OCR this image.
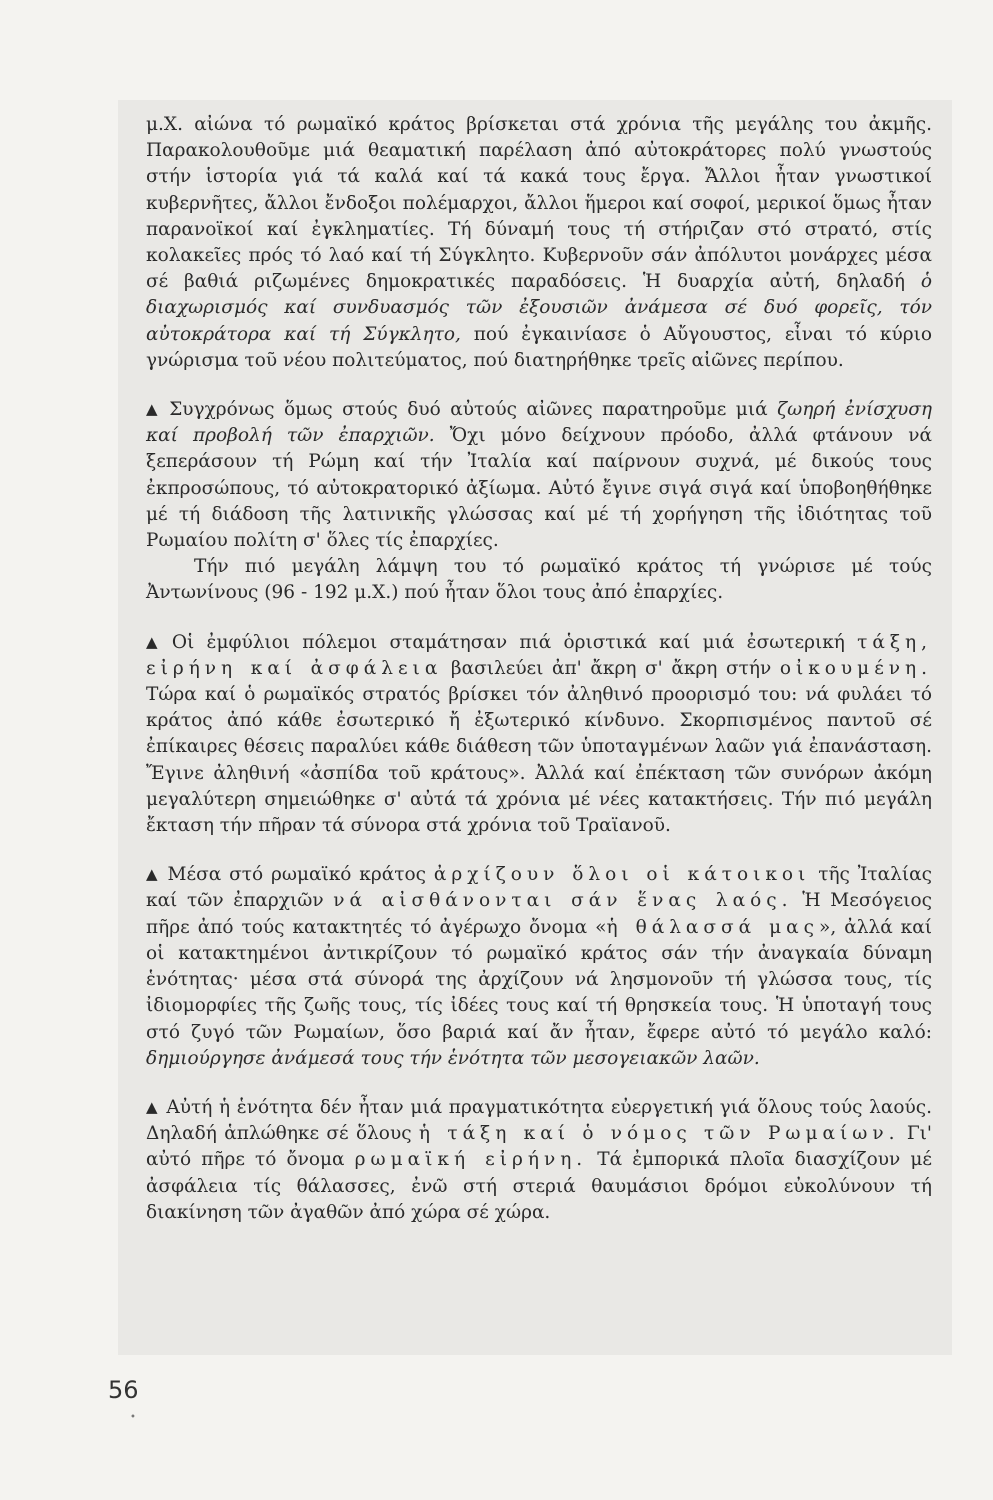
μ.Χ. αἰώνα τό ρωμαϊκό κράτος βρίσκεται στά χρόνια τῆς μεγάλης του ἀκμῆς. Παρακολουθοῦμε μιά θεαματική παρέλαση ἀπό αὐτοκράτορες πολύ γνωστούς στήν ἱστορία γιά τά καλά καί τά κακά τους ἔργα. Ἄλλοι ἦταν γνωστικοί κυβερνῆτες, ἄλλοι ἔνδοξοι πολέμαρχοι, ἄλλοι ἥμεροι καί σοφοί, μερικοί ὅμως ἦταν παρανοϊκοί καί ἐγκληματίες. Τή δύναμή τους τή στήριζαν στό στρατό, στίς κολακεῖες πρός τό λαό καί τή Σύγκλητο. Κυβερνοῦν σάν ἀπόλυτοι μονάρχες μέσα σέ βαθιά ριζωμένες δημοκρατικές παραδόσεις. Ἡ δυαρχία αὐτή, δηλαδή ὁ διαχωρισμός καί συνδυασμός τῶν ἐξουσιῶν ἀνάμεσα σέ δυό φορεῖς, τόν αὐτοκράτορα καί τή Σύγκλητο, πού ἐγκαινίασε ὁ Αὔγουστος, εἶναι τό κύριο γνώρισμα τοῦ νέου πολιτεύματος, πού διατηρήθηκε τρεῖς αἰῶνες περίπου.

▲ Συγχρόνως ὅμως στούς δυό αὐτούς αἰῶνες παρατηροῦμε μιά ζωηρή ἐνίσχυση καί προβολή τῶν ἐπαρχιῶν. Ὄχι μόνο δείχνουν πρόοδο, ἀλλά φτάνουν νά ξεπεράσουν τή Ρώμη καί τήν Ἰταλία καί παίρνουν συχνά, μέ δικούς τους ἐκπροσώπους, τό αὐτοκρατορικό ἀξίωμα. Αὐτό ἔγινε σιγά σιγά καί ὑποβοηθήθηκε μέ τή διάδοση τῆς λατινικῆς γλώσσας καί μέ τή χορήγηση τῆς ἰδιότητας τοῦ Ρωμαίου πολίτη σ' ὅλες τίς ἐπαρχίες.

Τήν πιό μεγάλη λάμψη του τό ρωμαϊκό κράτος τή γνώρισε μέ τούς Ἀντωνίνους (96 - 192 μ.Χ.) πού ἦταν ὅλοι τους ἀπό ἐπαρχίες.

▲ Οἱ ἐμφύλιοι πόλεμοι σταμάτησαν πιά ὁριστικά καί μιά ἐσωτερική τάξη, εἰρήνη καί ἀσφάλεια βασιλεύει ἀπ' ἄκρη σ' ἄκρη στήν οἰκουμένη. Τώρα καί ὁ ρωμαϊκός στρατός βρίσκει τόν ἀληθινό προορισμό του: νά φυλάει τό κράτος ἀπό κάθε ἐσωτερικό ἤ ἐξωτερικό κίνδυνο. Σκορπισμένος παντοῦ σέ ἐπίκαιρες θέσεις παραλύει κάθε διάθεση τῶν ὑποταγμένων λαῶν γιά ἐπανάσταση. Ἔγινε ἀληθινή «ἀσπίδα τοῦ κράτους». Ἀλλά καί ἐπέκταση τῶν συνόρων ἀκόμη μεγαλύτερη σημειώθηκε σ' αὐτά τά χρόνια μέ νέες κατακτήσεις. Τήν πιό μεγάλη ἔκταση τήν πῆραν τά σύνορα στά χρόνια τοῦ Τραϊανοῦ.

▲ Μέσα στό ρωμαϊκό κράτος ἀρχίζουν ὅλοι οἱ κάτοικοι τῆς Ἰταλίας καί τῶν ἐπαρχιῶν νά αἰσθάνονται σάν ἕνας λαός. Ἡ Μεσόγειος πῆρε ἀπό τούς κατακτητές τό ἀγέρωχο ὄνομα «ἡ θάλασσά μας», ἀλλά καί οἱ κατακτημένοι ἀντικρίζουν τό ρωμαϊκό κράτος σάν τήν ἀναγκαία δύναμη ἑνότητας· μέσα στά σύνορά της ἀρχίζουν νά λησμονοῦν τή γλώσσα τους, τίς ἰδιομορφίες τῆς ζωῆς τους, τίς ἰδέες τους καί τή θρησκεία τους. Ἡ ὑποταγή τους στό ζυγό τῶν Ρωμαίων, ὅσο βαριά καί ἄν ἦταν, ἔφερε αὐτό τό μεγάλο καλό: δημιούργησε ἀνάμεσά τους τήν ἑνότητα τῶν μεσογειακῶν λαῶν.

▲ Αὐτή ἡ ἑνότητα δέν ἦταν μιά πραγματικότητα εὐεργετική γιά ὅλους τούς λαούς. Δηλαδή ἁπλώθηκε σέ ὅλους ἡ τάξη καί ὁ νόμος τῶν Ρωμαίων. Γι' αὐτό πῆρε τό ὄνομα ρωμαϊκή εἰρήνη. Τά ἐμπορικά πλοῖα διασχίζουν μέ ἀσφάλεια τίς θάλασσες, ἐνῶ στή στεριά θαυμάσιοι δρόμοι εὐκολύνουν τή διακίνηση τῶν ἀγαθῶν ἀπό χώρα σέ χώρα.

56
•
